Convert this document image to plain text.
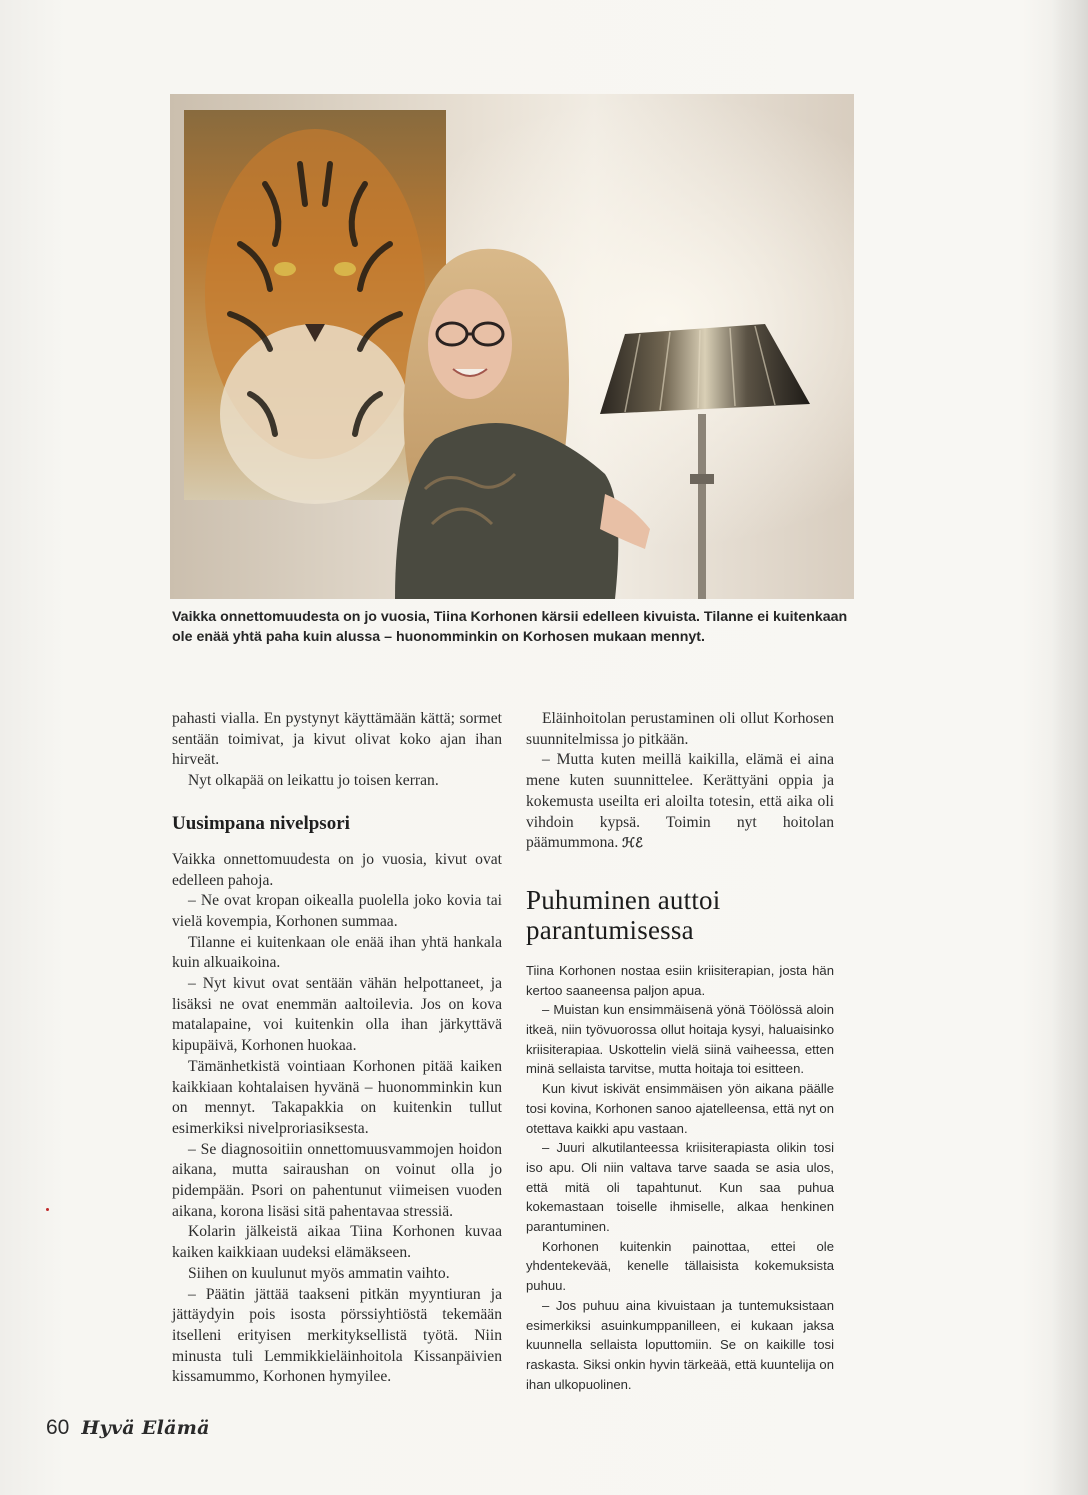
Vaikka onnettomuudesta on jo vuosia, Tiina Korhonen kärsii edelleen kivuista. Tilanne ei kuitenkaan ole enää yhtä paha kuin alussa – huonomminkin on Korhosen mukaan mennyt.

pahasti vialla. En pystynyt käyttämään kättä; sormet sentään toimivat, ja kivut olivat koko ajan ihan hirveät.

Nyt olkapää on leikattu jo toisen kerran.

Uusimpana nivelpsori

Vaikka onnettomuudesta on jo vuosia, kivut ovat edelleen pahoja.

– Ne ovat kropan oikealla puolella joko kovia tai vielä kovempia, Korhonen summaa.

Tilanne ei kuitenkaan ole enää ihan yhtä hankala kuin alkuaikoina.

– Nyt kivut ovat sentään vähän helpottaneet, ja lisäksi ne ovat enemmän aaltoilevia. Jos on kova matalapaine, voi kuitenkin olla ihan järkyttävä kipupäivä, Korhonen huokaa.

Tämänhetkistä vointiaan Korhonen pitää kaiken kaikkiaan kohtalaisen hyvänä – huonomminkin kun on mennyt. Takapakkia on kuitenkin tullut esimerkiksi nivelproriasiksesta.

– Se diagnosoitiin onnettomuusvammojen hoidon aikana, mutta sairaushan on voinut olla jo pidempään. Psori on pahentunut viimeisen vuoden aikana, korona lisäsi sitä pahentavaa stressiä.

Kolarin jälkeistä aikaa Tiina Korhonen kuvaa kaiken kaikkiaan uudeksi elämäkseen.

Siihen on kuulunut myös ammatin vaihto.

– Päätin jättää taakseni pitkän myyntiuran ja jättäydyin pois isosta pörssiyhtiöstä tekemään itselleni erityisen merkityksellistä työtä. Niin minusta tuli Lemmikkieläinhoitola Kissanpäivien kissamummo, Korhonen hymyilee.

Eläinhoitolan perustaminen oli ollut Korhosen suunnitelmissa jo pitkään.

– Mutta kuten meillä kaikilla, elämä ei aina mene kuten suunnittelee. Kerättyäni oppia ja kokemusta useilta eri aloilta totesin, että aika oli vihdoin kypsä. Toimin nyt hoitolan päämummona. ℋℰ

Puhuminen auttoi parantumisessa

Tiina Korhonen nostaa esiin kriisiterapian, josta hän kertoo saaneensa paljon apua.

– Muistan kun ensimmäisenä yönä Töölössä aloin itkeä, niin työvuorossa ollut hoitaja kysyi, haluaisinko kriisiterapiaa. Uskottelin vielä siinä vaiheessa, etten minä sellaista tarvitse, mutta hoitaja toi esitteen.

Kun kivut iskivät ensimmäisen yön aikana päälle tosi kovina, Korhonen sanoo ajatelleensa, että nyt on otettava kaikki apu vastaan.

– Juuri alkutilanteessa kriisiterapiasta olikin tosi iso apu. Oli niin valtava tarve saada se asia ulos, että mitä oli tapahtunut. Kun saa puhua kokemastaan toiselle ihmiselle, alkaa henkinen parantuminen.

Korhonen kuitenkin painottaa, ettei ole yhdentekevää, kenelle tällaisista kokemuksista puhuu.

– Jos puhuu aina kivuistaan ja tuntemuksistaan esimerkiksi asuinkumppanilleen, ei kukaan jaksa kuunnella sellaista loputtomiin. Se on kaikille tosi raskasta. Siksi onkin hyvin tärkeää, että kuuntelija on ihan ulkopuolinen.

60 Hyvä Elämä
